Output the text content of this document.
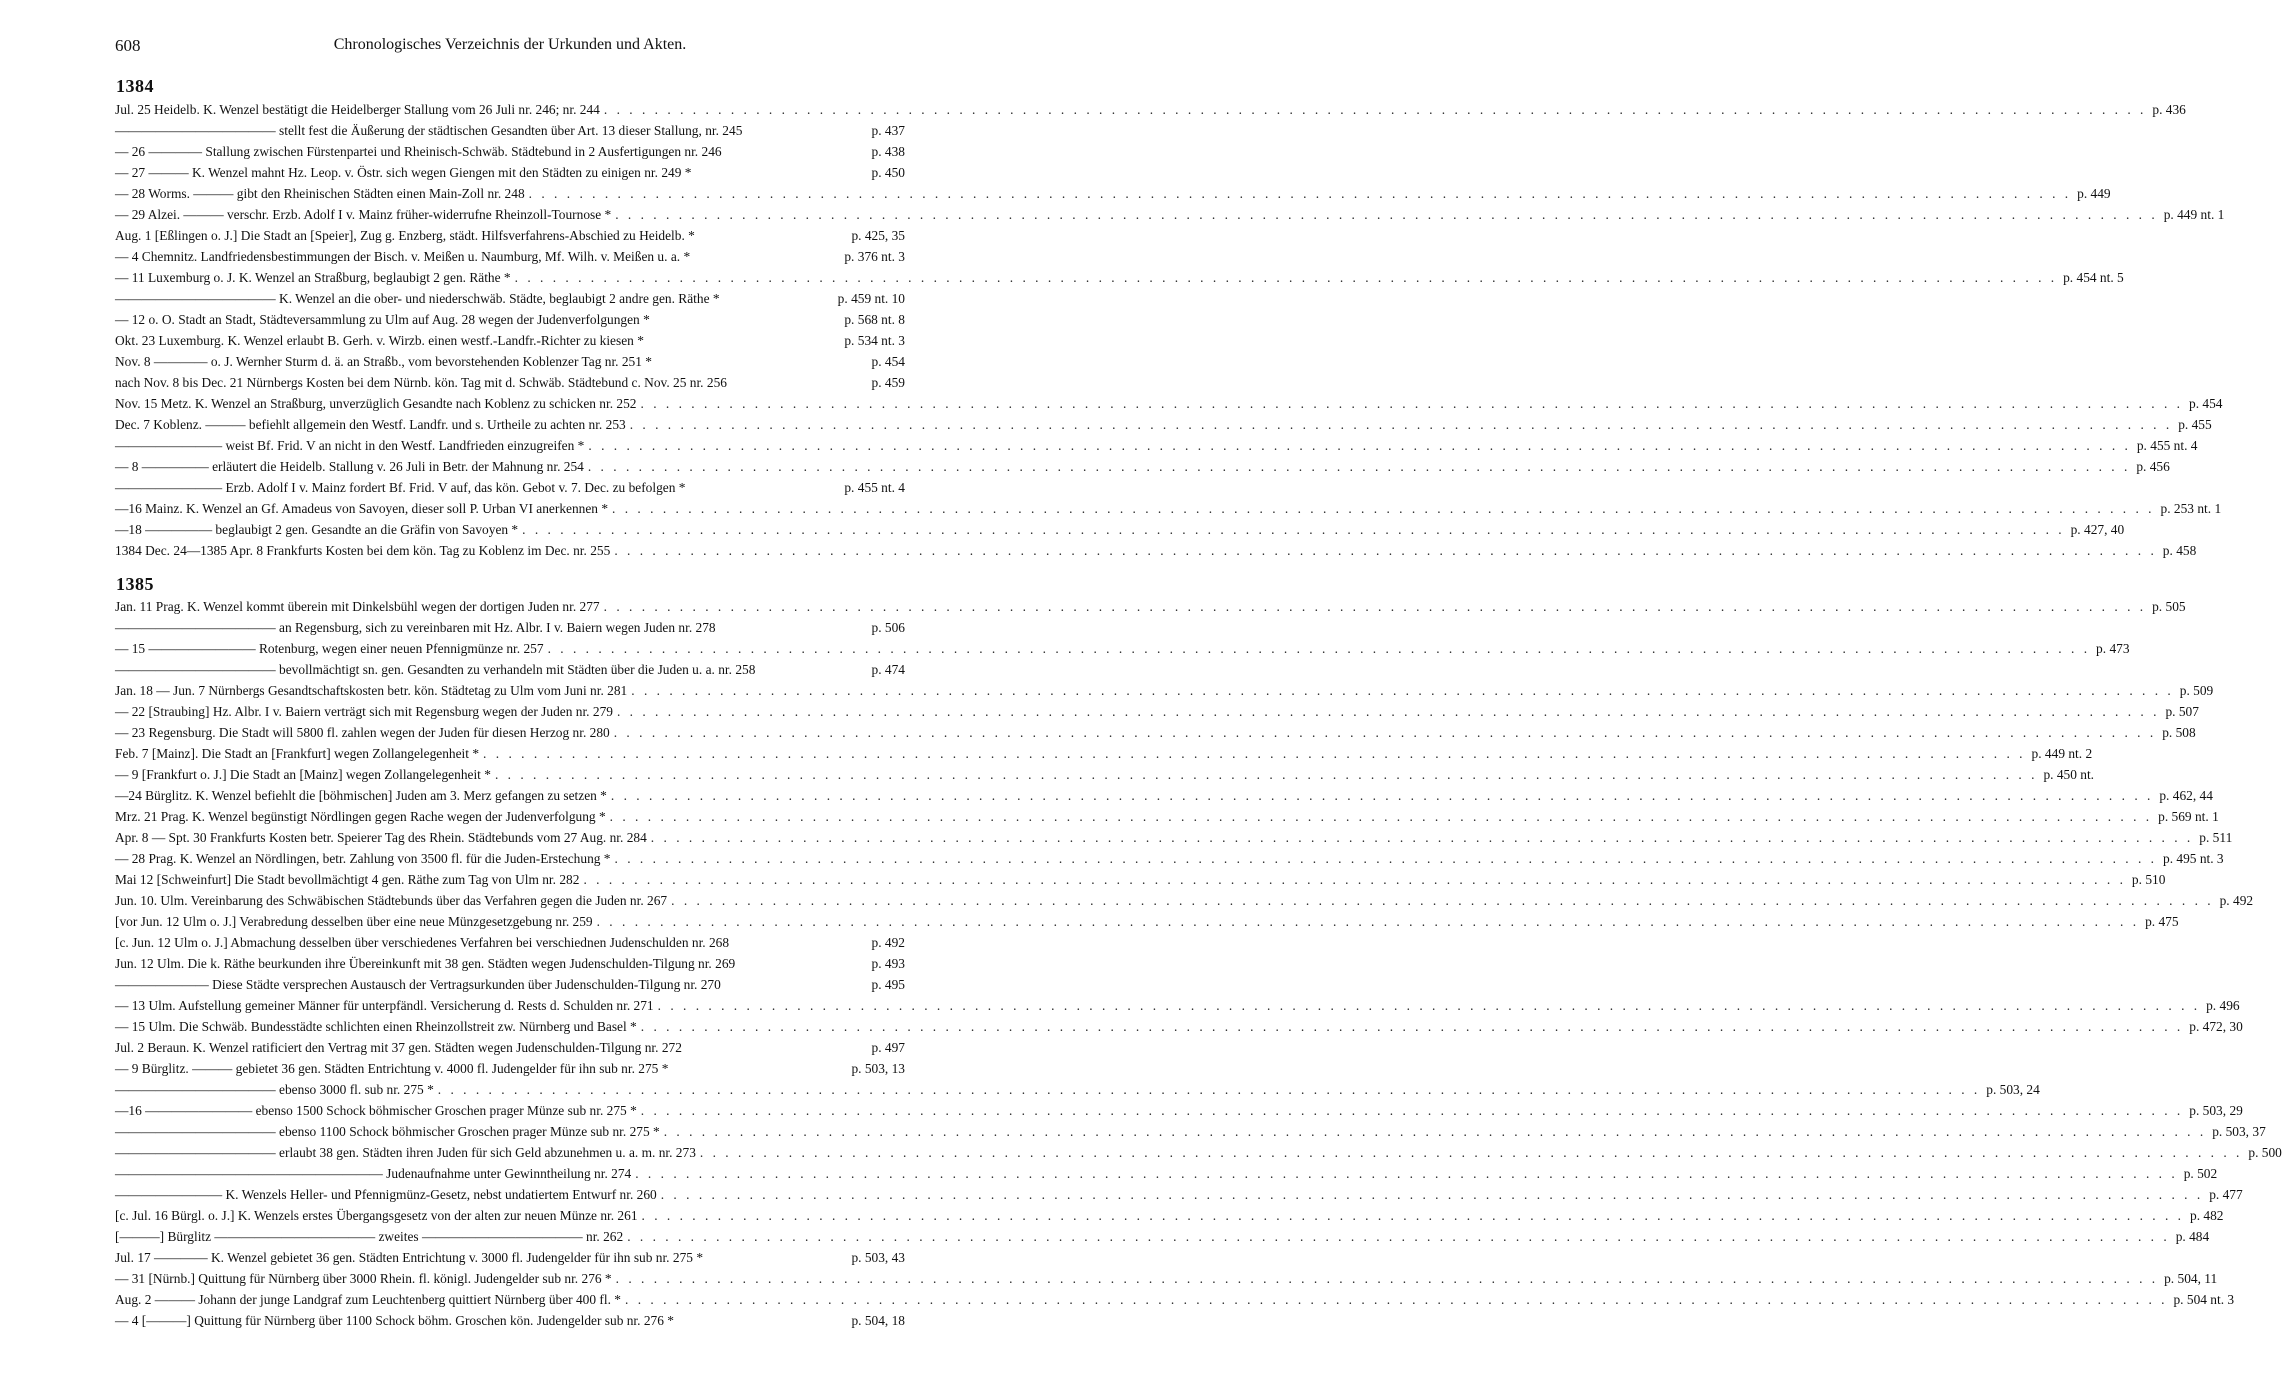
608	Chronologisches Verzeichnis der Urkunden und Akten.
1384
Jul. 25 Heidelb. K. Wenzel bestätigt die Heidelberger Stallung vom 26 Juli nr. 246; nr. 244 . . .	p. 436
———————————— stellt fest die Äußerung der städtischen Gesandten über Art. 13 dieser Stallung, nr. 245	p. 437
— 26 ———— Stallung zwischen Fürstenpartei und Rheinisch-Schwäb. Städtebund in 2 Ausfertigungen nr. 246	p. 438
— 27 ——— K. Wenzel mahnt Hz. Leop. v. Östr. sich wegen Giengen mit den Städten zu einigen nr. 249 *	p. 450
— 28 Worms. ——— gibt den Rheinischen Städten einen Main-Zoll nr. 248 . . .	p. 449
— 29 Alzei. ——— verschr. Erzb. Adolf I v. Mainz früher-widerrufne Rheinzoll-Tournose * . . .	p. 449 nt. 1
Aug. 1 [Eßlingen o. J.] Die Stadt an [Speier], Zug g. Enzberg, städt. Hilfsverfahrens-Abschied zu Heidelb. *	p. 425, 35
— 4 Chemnitz. Landfriedensbestimmungen der Bisch. v. Meißen u. Naumburg, Mf. Wilh. v. Meißen u. a. *	p. 376 nt. 3
— 11 Luxemburg o. J. K. Wenzel an Straßburg, beglaubigt 2 gen. Räthe * . . .	p. 454 nt. 5
———————————— K. Wenzel an die ober- und niederschwäb. Städte, beglaubigt 2 andre gen. Räthe *	p. 459 nt. 10
— 12 o. O. Stadt an Stadt, Städteversammlung zu Ulm auf Aug. 28 wegen der Judenverfolgungen *	p. 568 nt. 8
Okt. 23 Luxemburg. K. Wenzel erlaubt B. Gerh. v. Wirzb. einen westf.-Landfr.-Richter zu kiesen *	p. 534 nt. 3
Nov. 8 ———— o. J. Wernher Sturm d. ä. an Straßb., vom bevorstehenden Koblenzer Tag nr. 251 *	p. 454
nach Nov. 8 bis Dec. 21 Nürnbergs Kosten bei dem Nürnb. kön. Tag mit d. Schwäb. Städtebund c. Nov. 25 nr. 256	p. 459
Nov. 15 Metz. K. Wenzel an Straßburg, unverzüglich Gesandte nach Koblenz zu schicken nr. 252 . . .	p. 454
Dec. 7 Koblenz. ——— befiehlt allgemein den Westf. Landfr. und s. Urtheile zu achten nr. 253 . . .	p. 455
———————— weist Bf. Frid. V an nicht in den Westf. Landfrieden einzugreifen * . . .	p. 455 nt. 4
— 8 ————— erläutert die Heidelb. Stallung v. 26 Juli in Betr. der Mahnung nr. 254 . . .	p. 456
———————— Erzb. Adolf I v. Mainz fordert Bf. Frid. V auf, das kön. Gebot v. 7. Dec. zu befolgen *	p. 455 nt. 4
—16 Mainz. K. Wenzel an Gf. Amadeus von Savoyen, dieser soll P. Urban VI anerkennen * . . .	p. 253 nt. 1
—18 ————— beglaubigt 2 gen. Gesandte an die Gräfin von Savoyen * . . .	p. 427, 40
1384 Dec. 24—1385 Apr. 8 Frankfurts Kosten bei dem kön. Tag zu Koblenz im Dec. nr. 255 . . .	p. 458
1385
Jan. 11 Prag. K. Wenzel kommt überein mit Dinkelsbühl wegen der dortigen Juden nr. 277 . . .	p. 505
———————————— an Regensburg, sich zu vereinbaren mit Hz. Albr. I v. Baiern wegen Juden nr. 278	p. 506
— 15 ———————— Rotenburg, wegen einer neuen Pfennigmünze nr. 257 . . .	p. 473
———————————— bevollmächtigt sn. gen. Gesandten zu verhandeln mit Städten über die Juden u. a. nr. 258	p. 474
Jan. 18 — Jun. 7 Nürnbergs Gesandtschaftskosten betr. kön. Städtetag zu Ulm vom Juni nr. 281 . . .	p. 509
— 22 [Straubing] Hz. Albr. I v. Baiern verträgt sich mit Regensburg wegen der Juden nr. 279 . . .	p. 507
— 23 Regensburg. Die Stadt will 5800 fl. zahlen wegen der Juden für diesen Herzog nr. 280 . . .	p. 508
Feb. 7 [Mainz]. Die Stadt an [Frankfurt] wegen Zollangelegenheit * . . .	p. 449 nt. 2
— 9 [Frankfurt o. J.] Die Stadt an [Mainz] wegen Zollangelegenheit * . . .	p. 450 nt.
—24 Bürglitz. K. Wenzel befiehlt die [böhmischen] Juden am 3. Merz gefangen zu setzen * . . .	p. 462, 44
Mrz. 21 Prag. K. Wenzel begünstigt Nördlingen gegen Rache wegen der Judenverfolgung * . . .	p. 569 nt. 1
Apr. 8 — Spt. 30 Frankfurts Kosten betr. Speierer Tag des Rhein. Städtebunds vom 27 Aug. nr. 284 . . .	p. 511
— 28 Prag. K. Wenzel an Nördlingen, betr. Zahlung von 3500 fl. für die Juden-Erstechung * . . .	p. 495 nt. 3
Mai 12 [Schweinfurt] Die Stadt bevollmächtigt 4 gen. Räthe zum Tag von Ulm nr. 282 . . .	p. 510
Jun. 10. Ulm. Vereinbarung des Schwäbischen Städtebunds über das Verfahren gegen die Juden nr. 267 . . .	p. 492
[vor Jun. 12 Ulm o. J.] Verabredung desselben über eine neue Münzgesetzgebung nr. 259 . . .	p. 475
[c. Jun. 12 Ulm o. J.] Abmachung desselben über verschiedenes Verfahren bei verschiednen Judenschulden nr. 268	p. 492
Jun. 12 Ulm. Die k. Räthe beurkunden ihre Übereinkunft mit 38 gen. Städten wegen Judenschulden-Tilgung nr. 269	p. 493
——————— Diese Städte versprechen Austausch der Vertragsurkunden über Judenschulden-Tilgung nr. 270	p. 495
— 13 Ulm. Aufstellung gemeiner Männer für unterpfändl. Versicherung d. Rests d. Schulden nr. 271 . . .	p. 496
— 15 Ulm. Die Schwäb. Bundesstädte schlichten einen Rheinzollstreit zw. Nürnberg und Basel * . . .	p. 472, 30
Jul. 2 Beraun. K. Wenzel ratificiert den Vertrag mit 37 gen. Städten wegen Judenschulden-Tilgung nr. 272	p. 497
— 9 Bürglitz. ——— gebietet 36 gen. Städten Entrichtung v. 4000 fl. Judengelder für ihn sub nr. 275 *	p. 503, 13
———————————— ebenso 3000 fl. sub nr. 275 * . . .	p. 503, 24
—16 ———————— ebenso 1500 Schock böhmischer Groschen prager Münze sub nr. 275 * . . .	p. 503, 29
———————————— ebenso 1100 Schock böhmischer Groschen prager Münze sub nr. 275 * . . .	p. 503, 37
———————————— erlaubt 38 gen. Städten ihren Juden für sich Geld abzunehmen u. a. m. nr. 273 . . .	p. 500
———————————————————— Judenaufnahme unter Gewinntheilung nr. 274 . . .	p. 502
———————— K. Wenzels Heller- und Pfennigmünz-Gesetz, nebst undatiertem Entwurf nr. 260 . . .	p. 477
[c. Jul. 16 Bürgl. o. J.] K. Wenzels erstes Übergangsgesetz von der alten zur neuen Münze nr. 261 . . .	p. 482
[———] Bürglitz ———————————— zweites ———————————— nr. 262 . . .	p. 484
Jul. 17 ———— K. Wenzel gebietet 36 gen. Städten Entrichtung v. 3000 fl. Judengelder für ihn sub nr. 275 *	p. 503, 43
— 31 [Nürnb.] Quittung für Nürnberg über 3000 Rhein. fl. königl. Judengelder sub nr. 276 * . . .	p. 504, 11
Aug. 2 ——— Johann der junge Landgraf zum Leuchtenberg quittiert Nürnberg über 400 fl. * . . .	p. 504 nt. 3
— 4 [———] Quittung für Nürnberg über 1100 Schock böhm. Groschen kön. Judengelder sub nr. 276 *	p. 504, 18
